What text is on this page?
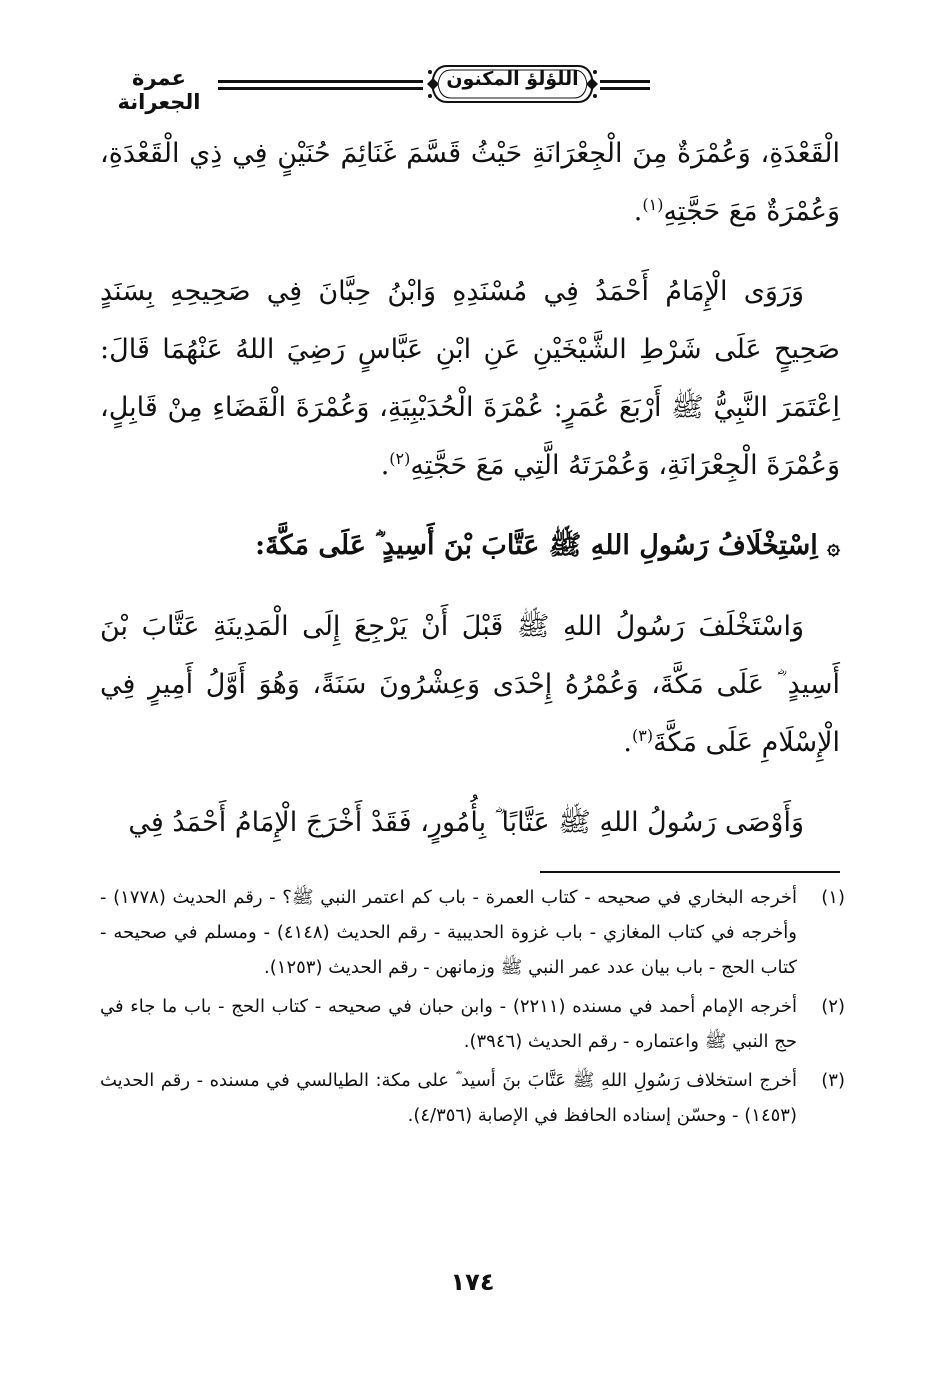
عمرة الجعرانة
اللؤلؤ المكنون

الْقَعْدَةِ، وَعُمْرَةٌ مِنَ الْجِعْرَانَةِ حَيْثُ قَسَّمَ غَنَائِمَ حُنَيْنٍ فِي ذِي الْقَعْدَةِ، وَعُمْرَةٌ مَعَ حَجَّتِهِ$^{(١)}$.

وَرَوَى الْإِمَامُ أَحْمَدُ فِي مُسْنَدِهِ وَابْنُ حِبَّانَ فِي صَحِيحِهِ بِسَنَدٍ صَحِيحٍ عَلَى شَرْطِ الشَّيْخَيْنِ عَنِ ابْنِ عَبَّاسٍ رَضِيَ اللهُ عَنْهُمَا قَالَ: اِعْتَمَرَ النَّبِيُّ ﷺ أَرْبَعَ عُمَرٍ: عُمْرَةَ الْحُدَيْبِيَةِ، وَعُمْرَةَ الْقَضَاءِ مِنْ قَابِلٍ، وَعُمْرَةَ الْجِعْرَانَةِ، وَعُمْرَتَهُ الَّتِي مَعَ حَجَّتِهِ$^{(٢)}$.

۞ اِسْتِخْلَافُ رَسُولِ اللهِ ﷺ عَتَّابَ بْنَ أَسِيدٍ ؓ عَلَى مَكَّةَ:

وَاسْتَخْلَفَ رَسُولُ اللهِ ﷺ قَبْلَ أَنْ يَرْجِعَ إِلَى الْمَدِينَةِ عَتَّابَ بْنَ أَسِيدٍ ؓ عَلَى مَكَّةَ، وَعُمْرُهُ إِحْدَى وَعِشْرُونَ سَنَةً، وَهُوَ أَوَّلُ أَمِيرٍ فِي الْإِسْلَامِ عَلَى مَكَّةَ$^{(٣)}$.

وَأَوْصَى رَسُولُ اللهِ ﷺ عَتَّابًا ؓ بِأُمُورٍ، فَقَدْ أَخْرَجَ الْإِمَامُ أَحْمَدُ فِي

(١)
أخرجه البخاري في صحيحه - كتاب العمرة - باب كم اعتمر النبي ﷺ؟ - رقم الحديث (١٧٧٨) - وأخرجه في كتاب المغازي - باب غزوة الحديبية - رقم الحديث (٤١٤٨) - ومسلم في صحيحه - كتاب الحج - باب بيان عدد عمر النبي ﷺ وزمانهن - رقم الحديث (١٢٥٣).
(٢)
أخرجه الإمام أحمد في مسنده (٢٢١١) - وابن حبان في صحيحه - كتاب الحج - باب ما جاء في حج النبي ﷺ واعتماره - رقم الحديث (٣٩٤٦).
(٣)
أخرج استخلاف رَسُولِ اللهِ ﷺ عَتَّابَ بنَ أسيد ؓ على مكة: الطيالسي في مسنده - رقم الحديث (١٤٥٣) - وحسّن إسناده الحافظ في الإصابة (٤/٣٥٦).
١٧٤
